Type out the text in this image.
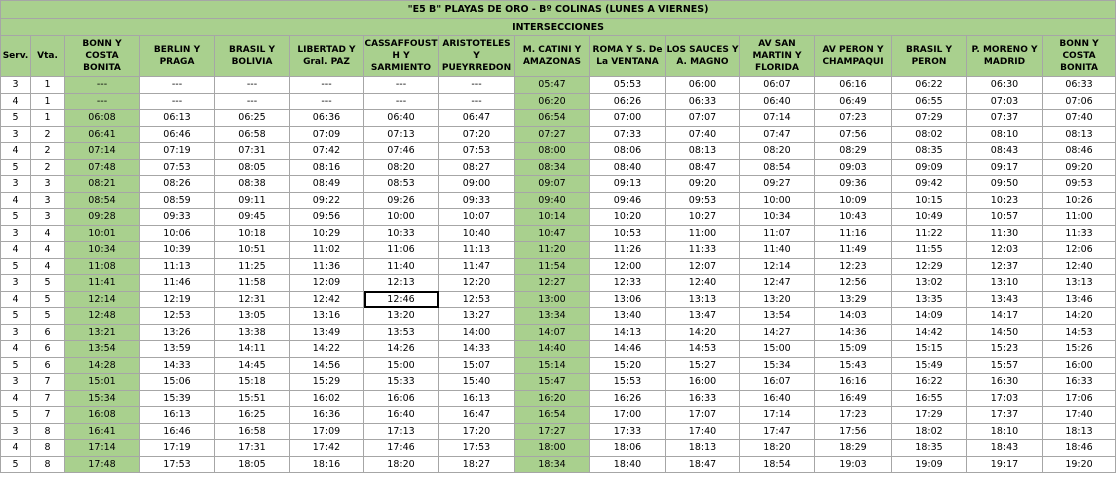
"E5 B" PLAYAS DE ORO - Bº COLINAS (LUNES A VIERNES)															
INTERSECCIONES															
Serv.	Vta.	BONN Y COSTA BONITA	BERLIN Y PRAGA	BRASIL Y BOLIVIA	LIBERTAD Y Gral. PAZ	CASSAFFOUST H Y SARMIENTO	ARISTOTELES Y PUEYRREDON	M. CATINI Y AMAZONAS	ROMA Y S. De La VENTANA	LOS SAUCES Y A. MAGNO	AV SAN MARTIN Y FLORIDA	AV PERON Y CHAMPAQUI	BRASIL Y PERON	P. MORENO Y MADRID	BONN Y COSTA BONITA
3	1	---	---	---	---	---	---	05:47	05:53	06:00	06:07	06:16	06:22	06:30	06:33
4	1	---	---	---	---	---	---	06:20	06:26	06:33	06:40	06:49	06:55	07:03	07:06
5	1	06:08	06:13	06:25	06:36	06:40	06:47	06:54	07:00	07:07	07:14	07:23	07:29	07:37	07:40
3	2	06:41	06:46	06:58	07:09	07:13	07:20	07:27	07:33	07:40	07:47	07:56	08:02	08:10	08:13
4	2	07:14	07:19	07:31	07:42	07:46	07:53	08:00	08:06	08:13	08:20	08:29	08:35	08:43	08:46
5	2	07:48	07:53	08:05	08:16	08:20	08:27	08:34	08:40	08:47	08:54	09:03	09:09	09:17	09:20
3	3	08:21	08:26	08:38	08:49	08:53	09:00	09:07	09:13	09:20	09:27	09:36	09:42	09:50	09:53
4	3	08:54	08:59	09:11	09:22	09:26	09:33	09:40	09:46	09:53	10:00	10:09	10:15	10:23	10:26
5	3	09:28	09:33	09:45	09:56	10:00	10:07	10:14	10:20	10:27	10:34	10:43	10:49	10:57	11:00
3	4	10:01	10:06	10:18	10:29	10:33	10:40	10:47	10:53	11:00	11:07	11:16	11:22	11:30	11:33
4	4	10:34	10:39	10:51	11:02	11:06	11:13	11:20	11:26	11:33	11:40	11:49	11:55	12:03	12:06
5	4	11:08	11:13	11:25	11:36	11:40	11:47	11:54	12:00	12:07	12:14	12:23	12:29	12:37	12:40
3	5	11:41	11:46	11:58	12:09	12:13	12:20	12:27	12:33	12:40	12:47	12:56	13:02	13:10	13:13
4	5	12:14	12:19	12:31	12:42	12:46	12:53	13:00	13:06	13:13	13:20	13:29	13:35	13:43	13:46
5	5	12:48	12:53	13:05	13:16	13:20	13:27	13:34	13:40	13:47	13:54	14:03	14:09	14:17	14:20
3	6	13:21	13:26	13:38	13:49	13:53	14:00	14:07	14:13	14:20	14:27	14:36	14:42	14:50	14:53
4	6	13:54	13:59	14:11	14:22	14:26	14:33	14:40	14:46	14:53	15:00	15:09	15:15	15:23	15:26
5	6	14:28	14:33	14:45	14:56	15:00	15:07	15:14	15:20	15:27	15:34	15:43	15:49	15:57	16:00
3	7	15:01	15:06	15:18	15:29	15:33	15:40	15:47	15:53	16:00	16:07	16:16	16:22	16:30	16:33
4	7	15:34	15:39	15:51	16:02	16:06	16:13	16:20	16:26	16:33	16:40	16:49	16:55	17:03	17:06
5	7	16:08	16:13	16:25	16:36	16:40	16:47	16:54	17:00	17:07	17:14	17:23	17:29	17:37	17:40
3	8	16:41	16:46	16:58	17:09	17:13	17:20	17:27	17:33	17:40	17:47	17:56	18:02	18:10	18:13
4	8	17:14	17:19	17:31	17:42	17:46	17:53	18:00	18:06	18:13	18:20	18:29	18:35	18:43	18:46
5	8	17:48	17:53	18:05	18:16	18:20	18:27	18:34	18:40	18:47	18:54	19:03	19:09	19:17	19:20
